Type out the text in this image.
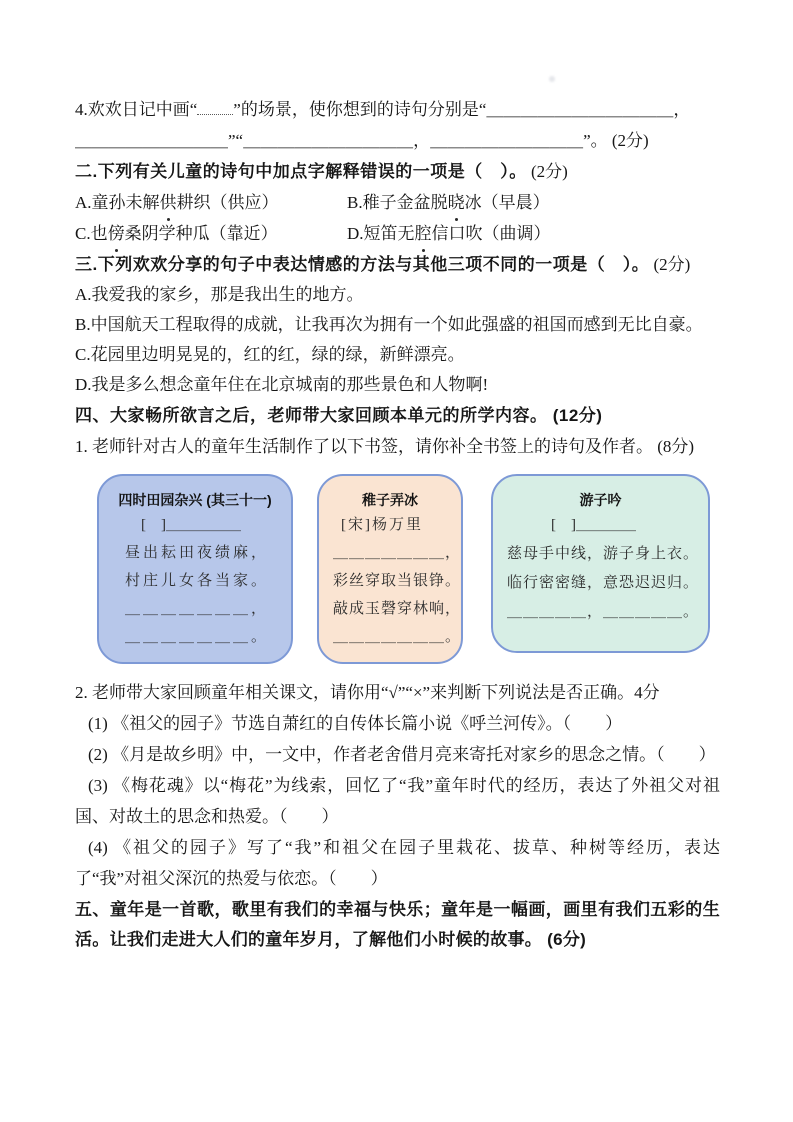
4.欢欢日记中画“　　 ”的场景，使你想到的诗句分别是“＿＿＿＿＿＿＿＿＿＿＿，
＿＿＿＿＿＿＿＿＿”“＿＿＿＿＿＿＿＿＿＿，＿＿＿＿＿＿＿＿＿”。 (2分)
二.下列有关儿童的诗句中加点字解释错误的一项是（　）。 (2分)
A.童孙未解供耕织（供应）	B.稚子金盆脱晓冰（早晨）
C.也傍桑阴学种瓜（靠近）	D.短笛无腔信口吹（曲调）
三.下列欢欢分享的句子中表达情感的方法与其他三项不同的一项是（　）。 (2分)
A.我爱我的家乡，那是我出生的地方。
B.中国航天工程取得的成就，让我再次为拥有一个如此强盛的祖国而感到无比自豪。
C.花园里边明晃晃的，红的红，绿的绿，新鲜漂亮。
D.我是多么想念童年住在北京城南的那些景色和人物啊!
四、大家畅所欲言之后，老师带大家回顾本单元的所学内容。 (12分)
1. 老师针对古人的童年生活制作了以下书签，请你补全书签上的诗句及作者。 (8分)
四时田园杂兴 (其三十一)
[　]＿＿＿＿＿
昼出耘田夜绩麻，
村庄儿女各当家。
＿＿＿＿＿＿＿，
＿＿＿＿＿＿＿。
稚子弄冰
[宋]杨万里
＿＿＿＿＿＿＿，
彩丝穿取当银铮。
敲成玉磬穿林响，
＿＿＿＿＿＿＿。
游子吟
[　]＿＿＿＿
慈母手中线，游子身上衣。
临行密密缝，意恐迟迟归。
＿＿＿＿＿，＿＿＿＿＿。
2. 老师带大家回顾童年相关课文，请你用“√”“×”来判断下列说法是否正确。4分
(1) 《祖父的园子》节选自萧红的自传体长篇小说《呼兰河传》。（　　）
(2) 《月是故乡明》中，一文中，作者老舍借月亮来寄托对家乡的思念之情。（　　）
(3) 《梅花魂》以“梅花”为线索，回忆了“我”童年时代的经历，表达了外祖父对祖国、对故土的思念和热爱。（　　）
(4) 《祖父的园子》写了“我”和祖父在园子里栽花、拔草、种树等经历，表达了“我”对祖父深沉的热爱与依恋。（　　）
五、童年是一首歌，歌里有我们的幸福与快乐；童年是一幅画，画里有我们五彩的生活。让我们走进大人们的童年岁月，了解他们小时候的故事。 (6分)
